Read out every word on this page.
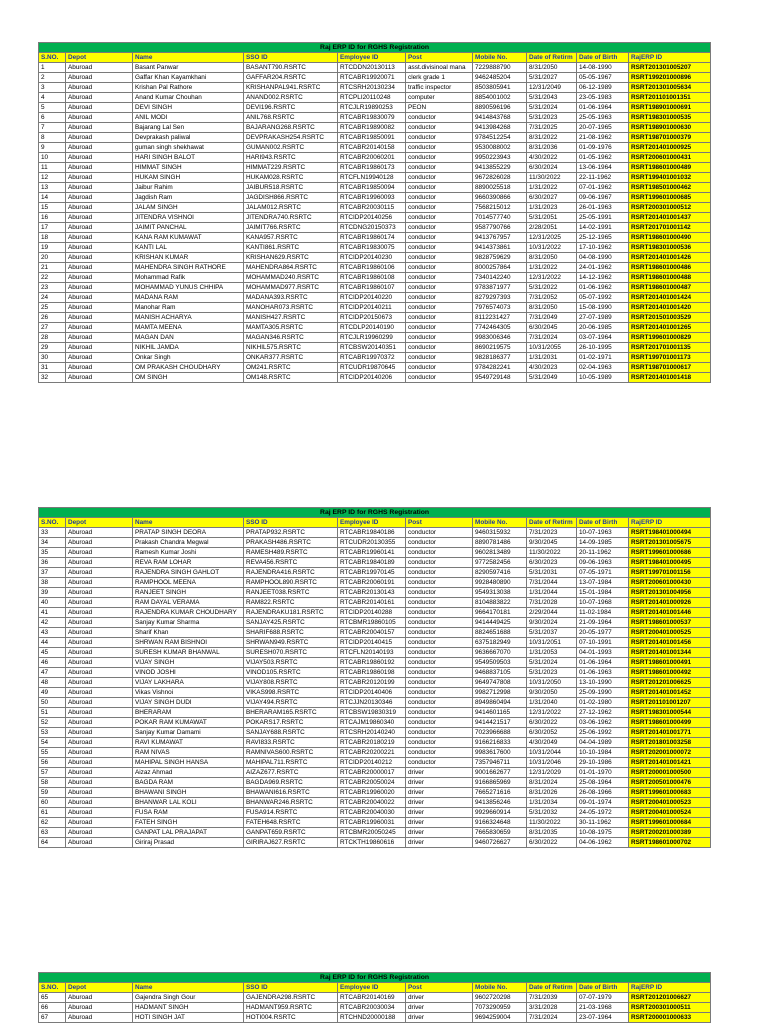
Raj ERP ID for RGHS Registration									
S.NO.	Depot	Name	SSO ID	Employee ID	Post	Mobile No.	Date of Retirm	Date of Birth	RajERP ID
1	Aburoad	Basant Panwar	BASANT790.RSRTC	RTCDDN20130113	asst.divisinoal mana	7229888790	8/31/2050	14-08-1990	RSRT201301005207
2	Aburoad	Gaffar Khan Kayamkhani	GAFFAR204.RSRTC	RTCABR19920071	clerk grade 1	9462485204	5/31/2027	05-05-1967	RSRT199201000896
3	Aburoad	Krishan Pal Rathore	KRISHANPAL941.RSRTC	RTCSRH20130234	traffic inspector	8503805941	12/31/2049	06-12-1989	RSRT201301005634
4	Aburoad	Anand Kumar Chouhan	ANAND002.RSRTC	RTCPLI20110248	computer	8854001002	5/31/2043	23-05-1983	RSRT201101001351
5	Aburoad	DEVI SINGH	DEVI196.RSRTC	RTCJLR19890253	PEON	8890596196	5/31/2024	01-06-1964	RSRT198901000691
6	Aburoad	ANIL MODI	ANIL768.RSRTC	RTCABR19830079	conductor	9414843768	5/31/2023	25-05-1963	RSRT198301000535
7	Aburoad	Bajarang Lal Sen	BAJARANG268.RSRTC	RTCABR19890082	conductor	9413984268	7/31/2025	20-07-1965	RSRT198901000630
8	Aburoad	Devprakash paliwal	DEVPRAKASH254.RSRTC	RTCABR19850091	conductor	9784512254	8/31/2022	21-08-1962	RSRT198701000379
9	Aburoad	guman singh shekhawat	GUMAN002.RSRTC	RTCABR20140158	conductor	9530088002	8/31/2036	01-09-1976	RSRT201401000925
10	Aburoad	HARI SINGH BALOT	HARI943.RSRTC	RTCABR20060201	conductor	9950223943	4/30/2022	01-05-1962	RSRT200601000431
11	Aburoad	HIMMAT SINGH	HIMMAT229.RSRTC	RTCABR19860173	conductor	9413855229	6/30/2024	13-06-1964	RSRT198601000489
12	Aburoad	HUKAM SINGH	HUKAM028.RSRTC	RTCFLN19940128	conductor	9672826028	11/30/2022	22-11-1962	RSRT199401001032
13	Aburoad	Jaibur Rahim	JAIBUR518.RSRTC	RTCABR19850094	conductor	8890025518	1/31/2022	07-01-1962	RSRT198501000462
14	Aburoad	Jagdish Ram	JAGDISH866.RSRTC	RTCABR19960093	conductor	9660390866	6/30/2027	09-06-1967	RSRT199601000685
15	Aburoad	JALAM SINGH	JALAM012.RSRTC	RTCABR20030115	conductor	7568215012	1/31/2023	26-01-1963	RSRT200301000512
16	Aburoad	JITENDRA VISHNOI	JITENDRA740.RSRTC	RTCIDP20140256	conductor	7014577740	5/31/2051	25-05-1991	RSRT201401001437
17	Aburoad	JAIMIT PANCHAL	JAIMIT766.RSRTC	RTCDNG20150373	conductor	9587790766	2/28/2051	14-02-1991	RSRT201701001142
18	Aburoad	KANA RAM KUMAWAT	KANA957.RSRTC	RTCABR19860174	conductor	9413767957	12/31/2025	25-12-1965	RSRT198601000490
19	Aburoad	KANTI LAL	KANTI861.RSRTC	RTCABR19830075	conductor	9414373861	10/31/2022	17-10-1962	RSRT198301000536
20	Aburoad	KRISHAN KUMAR	KRISHAN629.RSRTC	RTCIDP20140230	conductor	9828759629	8/31/2050	04-08-1990	RSRT201401001426
21	Aburoad	MAHENDRA SINGH RATHORE	MAHENDRA864.RSRTC	RTCABR19860106	conductor	8000257864	1/31/2022	24-01-1962	RSRT198601000486
22	Aburoad	Mohammad Rafik	MOHAMMAD240.RSRTC	RTCABR19860108	conductor	7340142240	12/31/2022	14-12-1962	RSRT198601000488
23	Aburoad	MOHAMMAD YUNUS CHHIPA	MOHAMMAD977.RSRTC	RTCABR19860107	conductor	9783871977	5/31/2022	01-06-1962	RSRT198601000487
24	Aburoad	MADANA RAM	MADANA393.RSRTC	RTCIDP20140220	conductor	8279297393	7/31/2052	05-07-1992	RSRT201401001424
25	Aburoad	Manohar Ram	MANOHAR073.RSRTC	RTCIDP20140211	conductor	7976574073	8/31/2050	15-08-1990	RSRT201401001420
26	Aburoad	MANISH ACHARYA	MANISH427.RSRTC	RTCIDP20150673	conductor	8112231427	7/31/2049	27-07-1989	RSRT201501003529
27	Aburoad	MAMTA MEENA	MAMTA305.RSRTC	RTCDLP20140190	conductor	7742464305	6/30/2045	20-06-1985	RSRT201401001265
28	Aburoad	MAGAN DAN	MAGAN346.RSRTC	RTCJLR19960299	conductor	9983006346	7/31/2024	03-07-1964	RSRT199601000829
29	Aburoad	NIKHIL JAMDA	NIKHIL575.RSRTC	RTCBSW20140351	conductor	8690219575	10/31/2055	26-10-1995	RSRT201701001135
30	Aburoad	Onkar Singh	ONKAR377.RSRTC	RTCABR19970372	conductor	9828186377	1/31/2031	01-02-1971	RSRT199701001173
31	Aburoad	OM PRAKASH CHOUDHARY	OM241.RSRTC	RTCUDR19870645	conductor	9784282241	4/30/2023	02-04-1963	RSRT198701000617
32	Aburoad	OM SINGH	OM148.RSRTC	RTCIDP20140206	conductor	9549729148	5/31/2049	10-05-1989	RSRT201401001418
Raj ERP ID for RGHS Registration									
S.NO.	Depot	Name	SSO ID	Employee ID	Post	Mobile No.	Date of Retirm	Date of Birth	RajERP ID
33	Aburoad	PRATAP SINGH DEORA	PRATAP932.RSRTC	RTCABR19840186	conductor	9460315932	7/31/2023	10-07-1963	RSRT198401000494
34	Aburoad	Prakash Chandra Megwal	PRAKASH486.RSRTC	RTCUDR20130355	conductor	8890781486	9/30/2045	14-09-1985	RSRT201301005675
35	Aburoad	Ramesh Kumar Joshi	RAMESH489.RSRTC	RTCABR19960141	conductor	9602813489	11/30/2022	20-11-1962	RSRT199601000686
36	Aburoad	REVA RAM LOHAR	REVA456.RSRTC	RTCABR19840189	conductor	9772582456	6/30/2023	09-06-1963	RSRT198401000495
37	Aburoad	RAJENDRA SINGH GAHLOT	RAJENDRA416.RSRTC	RTCABR19970145	conductor	8290597416	5/31/2031	07-05-1971	RSRT199701001156
38	Aburoad	RAMPHOOL MEENA	RAMPHOOL890.RSRTC	RTCABR20060191	conductor	9928480890	7/31/2044	13-07-1984	RSRT200601000430
39	Aburoad	RANJEET SINGH	RANJEET038.RSRTC	RTCABR20130143	conductor	9549313038	1/31/2044	15-01-1984	RSRT201301004956
40	Aburoad	RAM DAYAL VERAMA	RAM822.RSRTC	RTCABR20140161	conductor	8104883822	7/31/2028	10-07-1968	RSRT201401000926
41	Aburoad	RAJENDRA KUMAR CHOUDHARY	RAJENDRAKU181.RSRTC	RTCIDP20140288	conductor	9664170181	2/29/2044	11-02-1984	RSRT201401001446
42	Aburoad	Sanjay Kumar Sharma	SANJAY425.RSRTC	RTCBMR19860105	conductor	9414449425	9/30/2024	21-09-1964	RSRT198601000537
43	Aburoad	Sharif Khan	SHARIF688.RSRTC	RTCABR20040157	conductor	8824651688	5/31/2037	20-05-1977	RSRT200401000525
44	Aburoad	SHRWAN RAM BISHNOI	SHRWAN949.RSRTC	RTCIDP20140415	conductor	6375182949	10/31/2051	07-10-1991	RSRT201401001456
45	Aburoad	SURESH KUMAR BHANWAL	SURESH070.RSRTC	RTCFLN20140193	conductor	9636667070	1/31/2053	04-01-1993	RSRT201401001344
46	Aburoad	VIJAY SINGH	VIJAY503.RSRTC	RTCABR19860192	conductor	9549509503	5/31/2024	01-06-1964	RSRT198601000491
47	Aburoad	VINOD JOSHI	VINOD105.RSRTC	RTCABR19860198	conductor	9468837105	5/31/2023	01-06-1963	RSRT198601000492
48	Aburoad	VIJAY LAKHARA	VIJAY808.RSRTC	RTCABR20120199	conductor	9649747808	10/31/2050	13-10-1990	RSRT201201006625
49	Aburoad	Vikas Vishnoi	VIKAS998.RSRTC	RTCIDP20140406	conductor	9982712998	9/30/2050	25-09-1990	RSRT201401001452
50	Aburoad	VIJAY SINGH DUDI	VIJAY494.RSRTC	RTCJJN20130346	conductor	8949860494	1/31/2040	01-02-1980	RSRT201101001207
51	Aburoad	BHERARAM	BHERARAM165.RSRTC	RTCBSW19830319	conductor	9414601165	12/31/2022	27-12-1962	RSRT198301000544
52	Aburoad	POKAR RAM KUMAWAT	POKARS17.RSRTC	RTCAJM19860340	conductor	9414421517	6/30/2022	03-06-1962	RSRT198601000499
53	Aburoad	Sanjay Kumar Damami	SANJAY688.RSRTC	RTCSRH20140240	conductor	7023966688	6/30/2052	25-06-1992	RSRT201401001771
54	Aburoad	RAVI KUMAWAT	RAVI833.RSRTC	RTCABR20180219	conductor	9166216833	4/30/2049	04-04-1989	RSRT201801003258
55	Aburoad	RAM NIVAS	RAMNIVAS600.RSRTC	RTCABR20200221	conductor	9983617600	10/31/2044	10-10-1984	RSRT202001000072
56	Aburoad	MAHIPAL SINGH HANSA	MAHIPAL711.RSRTC	RTCIDP20140212	conductor	7357946711	10/31/2046	29-10-1986	RSRT201401001421
57	Aburoad	Aizaz Ahmad	AIZAZ677.RSRTC	RTCABR20000017	driver	9001662677	12/31/2029	01-01-1970	RSRT200001000500
58	Aburoad	BAGDA RAM	BAGDA969.RSRTC	RTCABR20050024	driver	9166865969	8/31/2024	25-08-1964	RSRT200501000476
59	Aburoad	BHAWANI SINGH	BHAWANI616.RSRTC	RTCABR19960020	driver	7665271616	8/31/2026	26-08-1966	RSRT199601000683
60	Aburoad	BHANWAR LAL KOLI	BHANWAR246.RSRTC	RTCABR20040022	driver	9413856246	1/31/2034	09-01-1974	RSRT200401000523
61	Aburoad	FUSA RAM	FUSA914.RSRTC	RTCABR20040030	driver	9929660914	5/31/2032	24-05-1972	RSRT200401000524
62	Aburoad	FATEH SINGH	FATEH648.RSRTC	RTCABR19960031	driver	9166324648	11/30/2022	30-11-1962	RSRT199601000684
63	Aburoad	GANPAT LAL PRAJAPAT	GANPAT659.RSRTC	RTCBMR20050245	driver	7665830659	8/31/2035	10-08-1975	RSRT200201000389
64	Aburoad	Giriraj Prasad	GIRIRAJ627.RSRTC	RTCKTH19860616	driver	9460726627	6/30/2022	04-06-1962	RSRT198601000702
Raj ERP ID for RGHS Registration									
S.NO.	Depot	Name	SSO ID	Employee ID	Post	Mobile No.	Date of Retirm	Date of Birth	RajERP ID
65	Aburoad	Gajendra Singh Gour	GAJENDRA298.RSRTC	RTCABR20140169	driver	9602720298	7/31/2039	07-07-1979	RSRT201201006627
66	Aburoad	HADMANT SINGH	HADMANT959.RSRTC	RTCABR20030034	driver	7073290959	3/31/2028	21-03-1968	RSRT200301000511
67	Aburoad	HOTI SINGH JAT	HOTI004.RSRTC	RTCHND20000188	driver	9694259004	7/31/2024	23-07-1964	RSRT200001000633
